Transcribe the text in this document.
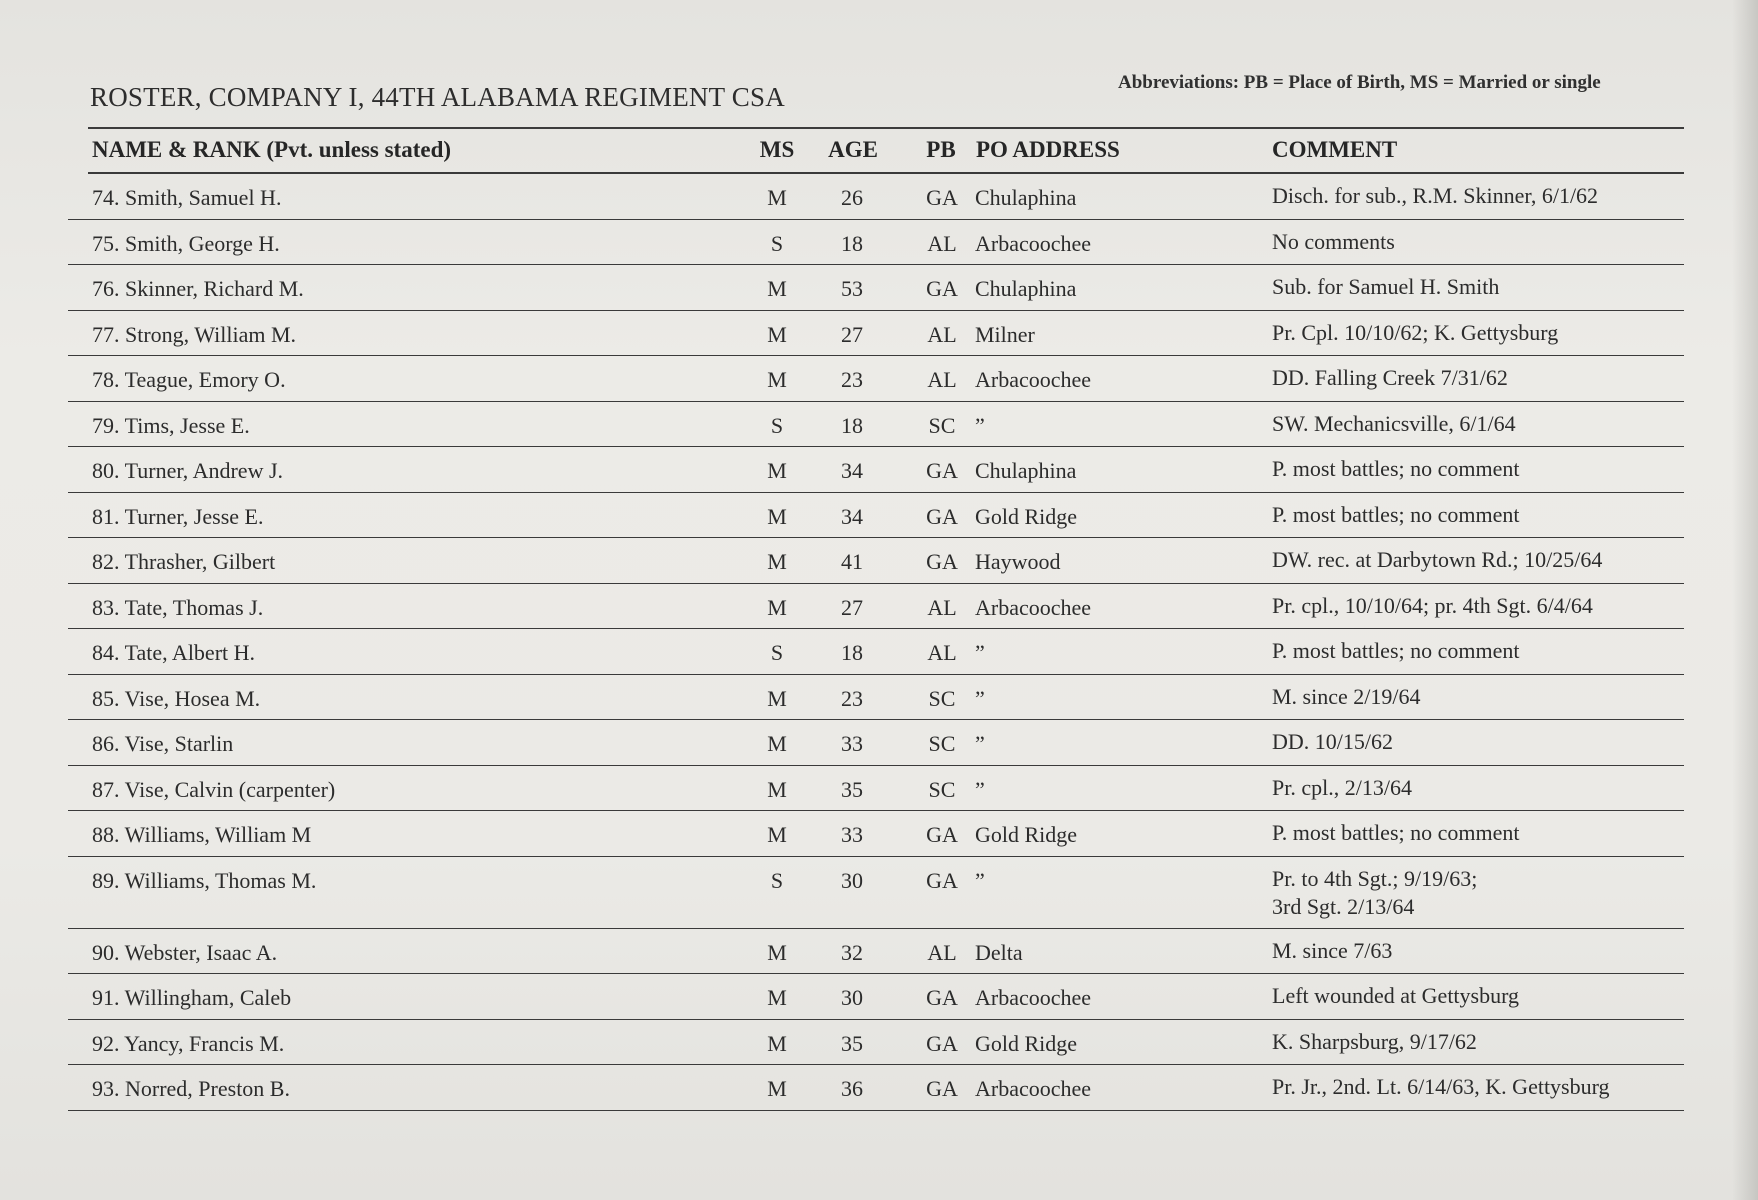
ROSTER, COMPANY I, 44TH ALABAMA REGIMENT CSA	Abbreviations: PB = Place of Birth, MS = Married or single
NAME & RANK (Pvt. unless stated)	MS	AGE	PB PO ADDRESS	COMMENT
74. Smith, Samuel H.	M	26	GA Chulaphina	Disch. for sub., R.M. Skinner, 6/1/62
75. Smith, George H.	S	18	AL Arbacoochee	No comments
76. Skinner, Richard M.	M	53	GA Chulaphina	Sub. for Samuel H. Smith
77. Strong, William M.	M	27	AL Milner	Pr. Cpl. 10/10/62; K. Gettysburg
78. Teague, Emory O.	M	23	AL Arbacoochee	DD. Falling Creek 7/31/62
79. Tims, Jesse E.	S	18	SC ”	SW. Mechanicsville, 6/1/64
80. Turner, Andrew J.	M	34	GA Chulaphina	P. most battles; no comment
81. Turner, Jesse E.	M	34	GA Gold Ridge	P. most battles; no comment
82. Thrasher, Gilbert	M	41	GA Haywood	DW. rec. at Darbytown Rd.; 10/25/64
83. Tate, Thomas J.	M	27	AL Arbacoochee	Pr. cpl., 10/10/64; pr. 4th Sgt. 6/4/64
84. Tate, Albert H.	S	18	AL ”	P. most battles; no comment
85. Vise, Hosea M.	M	23	SC ”	M. since 2/19/64
86. Vise, Starlin	M	33	SC ”	DD. 10/15/62
87. Vise, Calvin (carpenter)	M	35	SC ”	Pr. cpl., 2/13/64
88. Williams, William M	M	33	GA Gold Ridge	P. most battles; no comment
89. Williams, Thomas M.	S	30	GA ”	Pr. to 4th Sgt.; 9/19/63;
3rd Sgt. 2/13/64
90. Webster, Isaac A.	M	32	AL Delta	M. since 7/63
91. Willingham, Caleb	M	30	GA Arbacoochee	Left wounded at Gettysburg
92. Yancy, Francis M.	M	35	GA Gold Ridge	K. Sharpsburg, 9/17/62
93. Norred, Preston B.	M	36	GA Arbacoochee	Pr. Jr., 2nd. Lt. 6/14/63, K. Gettysburg
